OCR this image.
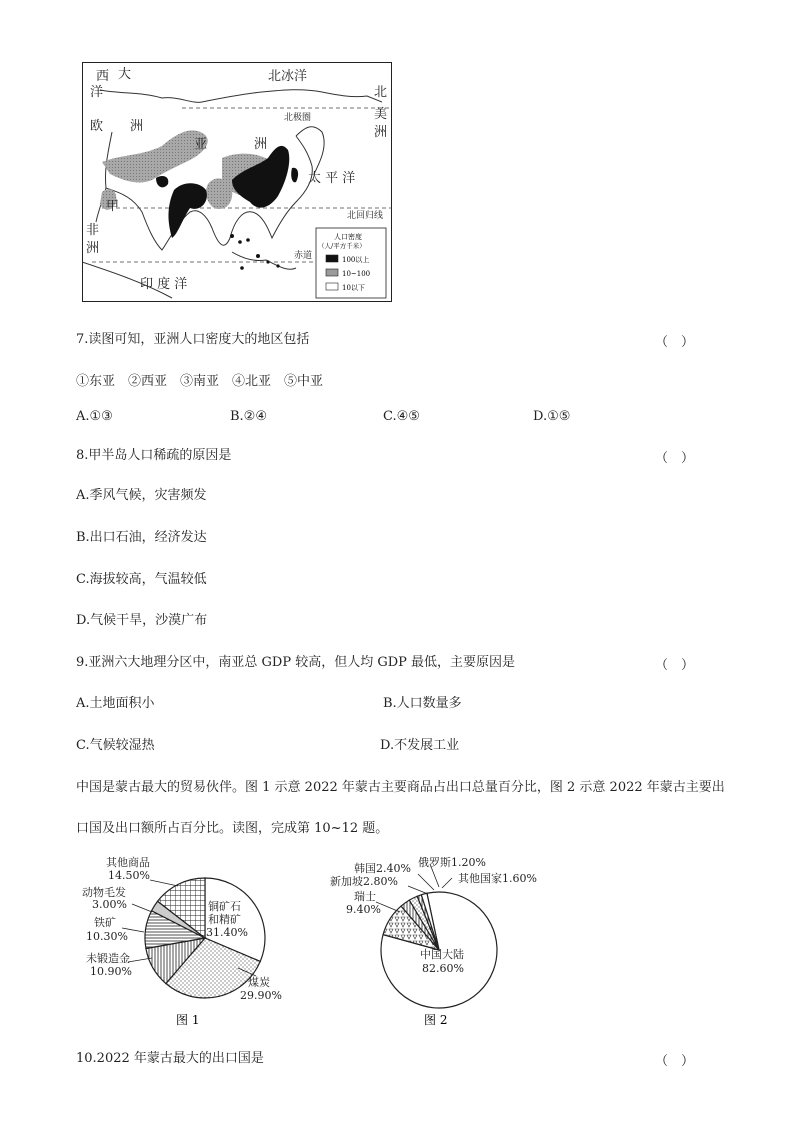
西 大
洋
北冰洋
北
美
洲
欧 洲
亚	洲
太 平 洋
甲
非
洲
印 度 洋
北极圈
北回归线
赤道
人口密度
（人/平方千米）
100以上
10~100
10以下
7.读图可知，亚洲人口密度大的地区包括	（　）
①东亚　②西亚　③南亚　④北亚　⑤中亚
A.①③	B.②④	C.④⑤	D.①⑤
8.甲半岛人口稀疏的原因是	（　）
A.季风气候，灾害频发
B.出口石油，经济发达
C.海拔较高，气温较低
D.气候干旱，沙漠广布
9.亚洲六大地理分区中，南亚总 GDP 较高，但人均 GDP 最低，主要原因是	（　）
A.土地面积小	B.人口数量多
C.气候较湿热	D.不发展工业
中国是蒙古最大的贸易伙伴。图 1 示意 2022 年蒙古主要商品占出口总量百分比，图 2 示意 2022 年蒙古主要出
口国及出口额所占百分比。读图，完成第 10~12 题。
其他商品
14.50%
动物毛发
3.00%
铁矿
10.30%
未锻造金
10.90%
铜矿石
和精矿
31.40%
煤炭
29.90%
图 1
韩国2.40% 俄罗斯1.20%
新加坡2.80%	其他国家1.60%
瑞士
9.40%
中国大陆
82.60%
图 2
10.2022 年蒙古最大的出口国是	（　）
